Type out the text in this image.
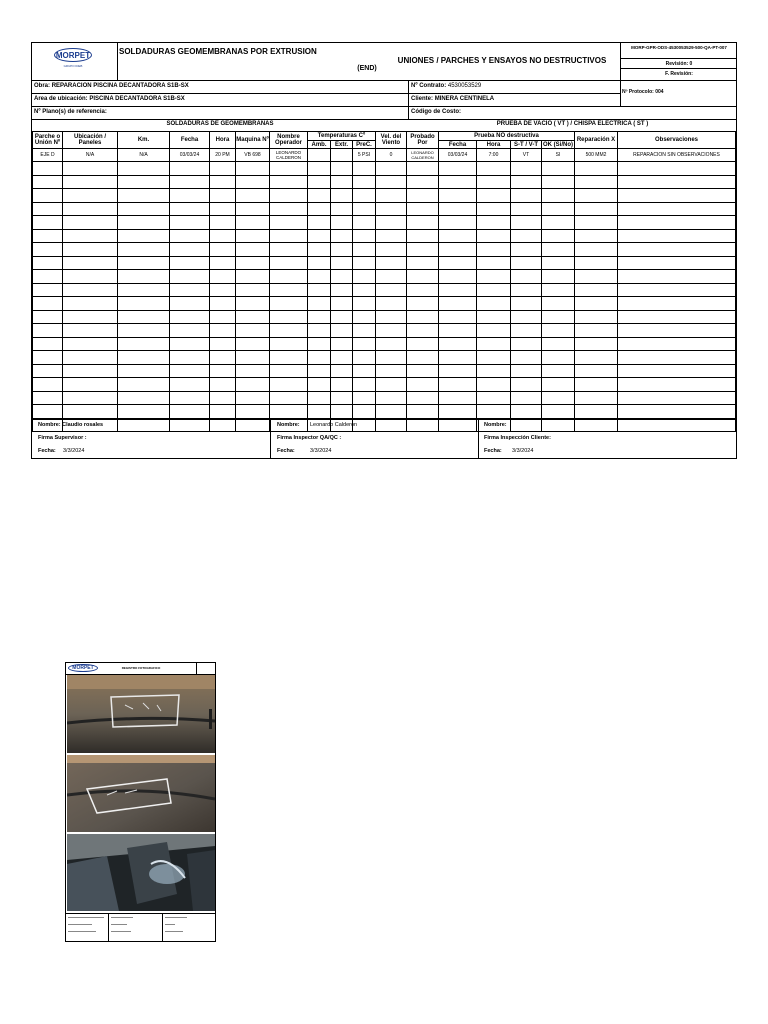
MORPET
GRUPO IDEB
SOLDADURAS GEOMEMBRANAS POR EXTRUSION
UNIONES / PARCHES Y ENSAYOS NO DESTRUCTIVOS
(END)
MORP-GPR-ODS-4530053529-500-QA-PT-007
Revisión: 0
F. Revisión:
Obra: REPARACION PISCINA DECANTADORA S1B-SX	Nº Contrato: 4530053529
Nº Protocolo: 004
Area de ubicación: PISCINA DECANTADORA S1B-SX	Cliente: MINERA CENTINELA
Nº Plano(s) de referencia:	Código de Costo:
SOLDADURAS DE GEOMEMBRANAS	PRUEBA DE VACIO ( VT ) / CHISPA ELECTRICA ( ST )
Parche o Unión Nº	Ubicación / Paneles	Km.	Fecha	Hora	Maquina Nº	Nombre Operador	Temperaturas Cº			Vel. del Viento	Probado Por	Prueba NO destructiva				Reparación X	Observaciones
							Amb.	Extr.	PreC.			Fecha	Hora	S-T / V-T	OK (Si/No)		
EJE D	N/A	N/A	03/03/24	20 PM	VB 698	LEONARDO CALDERON			5 PSI	0	LEONARDO CALDERON	03/03/24	7:00	VT	SI	500 MM2	REPARACION SIN OBSERVACIONES

Nombre: Claudio rosales
Firma Supervisor :
Fecha: 3/3/2024
Nombre: Leonardo Calderon
Firma Inspector QA/QC :
Fecha:	3/3/2024
Nombre:
Firma Inspección Cliente:
Fecha: 3/3/2024
MORPET	REGISTRO FOTOGRAFICO
